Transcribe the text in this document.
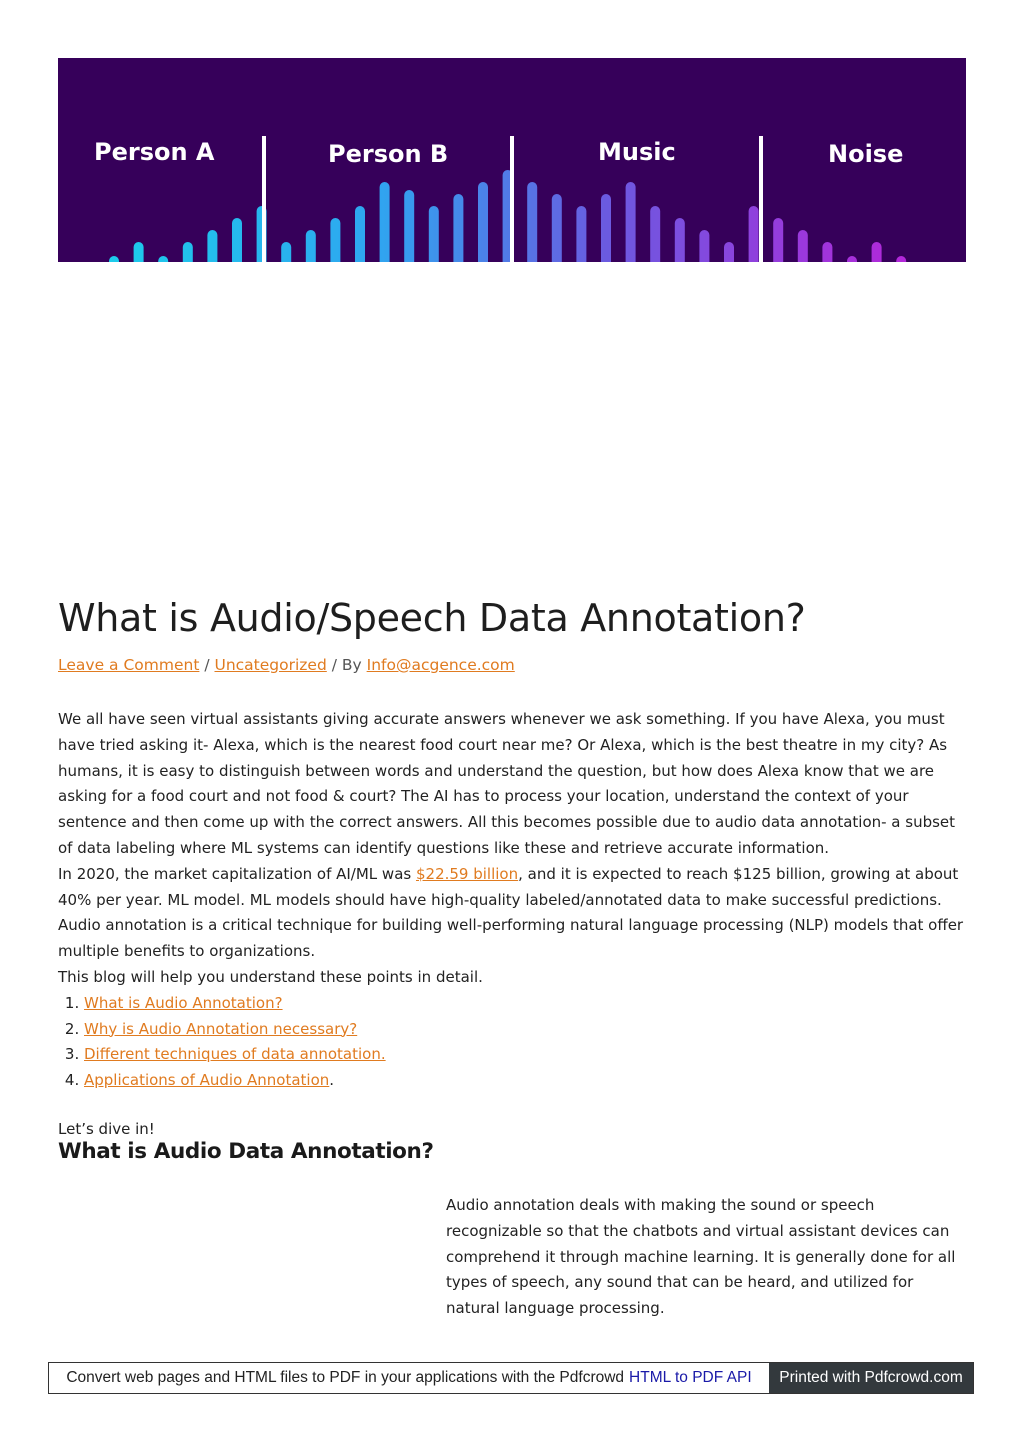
Person A	Person B	Music	Noise
What is Audio/Speech Data Annotation?
Leave a Comment / Uncategorized / By Info@acgence.com

We all have seen virtual assistants giving accurate answers whenever we ask something. If you have Alexa, you must have tried asking it- Alexa, which is the nearest food court near me? Or Alexa, which is the best theatre in my city? As humans, it is easy to distinguish between words and understand the question, but how does Alexa know that we are asking for a food court and not food & court? The AI has to process your location, understand the context of your sentence and then come up with the correct answers. All this becomes possible due to audio data annotation- a subset of data labeling where ML systems can identify questions like these and retrieve accurate information.

In 2020, the market capitalization of AI/ML was $22.59 billion, and it is expected to reach $125 billion, growing at about 40% per year. ML model. ML models should have high-quality labeled/annotated data to make successful predictions. Audio annotation is a critical technique for building well-performing natural language processing (NLP) models that offer multiple benefits to organizations.

This blog will help you understand these points in detail.

1. What is Audio Annotation?
2. Why is Audio Annotation necessary?
3. Different techniques of data annotation.
4. Applications of Audio Annotation.
Let’s dive in!
What is Audio Data Annotation?
Audio annotation deals with making the sound or speech recognizable so that the chatbots and virtual assistant devices can comprehend it through machine learning. It is generally done for all types of speech, any sound that can be heard, and utilized for natural language processing.
Convert web pages and HTML files to PDF in your applications with the Pdfcrowd HTML to PDF API	Printed with Pdfcrowd.com
